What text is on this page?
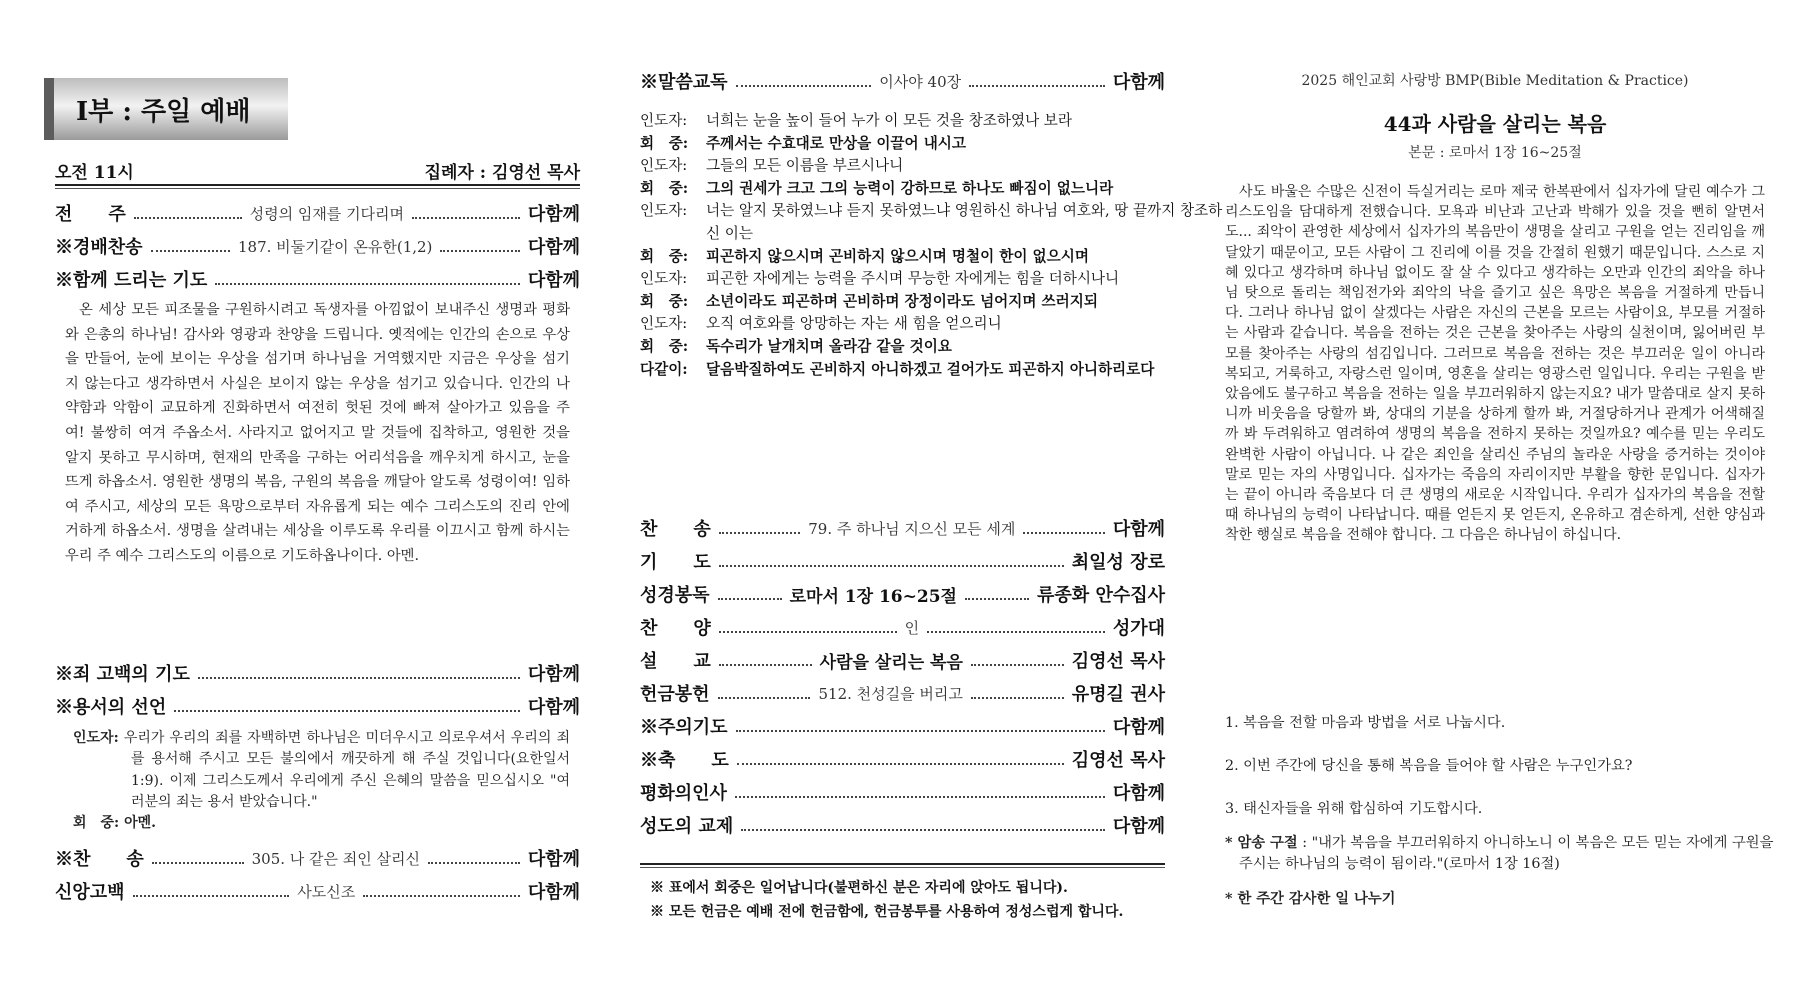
I부 : 주일 예배
오전 11시	집례자 : 김영선 목사
온 세상 모든 피조물을 구원하시려고 독생자를 아낌없이 보내주신 생명과 평화와 은총의 하나님! 감사와 영광과 찬양을 드립니다. 옛적에는 인간의 손으로 우상을 만들어, 눈에 보이는 우상을 섬기며 하나님을 거역했지만 지금은 우상을 섬기지 않는다고 생각하면서 사실은 보이지 않는 우상을 섬기고 있습니다. 인간의 나약함과 악함이 교묘하게 진화하면서 여전히 헛된 것에 빠져 살아가고 있음을 주여! 불쌍히 여겨 주옵소서. 사라지고 없어지고 말 것들에 집착하고, 영원한 것을 알지 못하고 무시하며, 현재의 만족을 구하는 어리석음을 깨우치게 하시고, 눈을 뜨게 하옵소서. 영원한 생명의 복음, 구원의 복음을 깨달아 알도록 성령이여! 임하여 주시고, 세상의 모든 욕망으로부터 자유롭게 되는 예수 그리스도의 진리 안에 거하게 하옵소서. 생명을 살려내는 세상을 이루도록 우리를 이끄시고 함께 하시는 우리 주 예수 그리스도의 이름으로 기도하옵나이다. 아멘.
인도자: 우리가 우리의 죄를 자백하면 하나님은 미더우시고 의로우셔서 우리의 죄를 용서해 주시고 모든 불의에서 깨끗하게 해 주실 것입니다(요한일서 1:9). 이제 그리스도께서 우리에게 주신 은혜의 말씀을 믿으십시오 "여러분의 죄는 용서 받았습니다."
회　중: 아멘.
전　　주	성령의 임재를 기다리며	다함께
※경배찬송	187. 비둘기같이 온유한(1,2)	다함께
※함께 드리는 기도	다함께
※죄 고백의 기도	다함께
※용서의 선언	다함께
※찬　　송	305. 나 같은 죄인 살리신	다함께
신앙고백	사도신조	다함께
※말씀교독	이사야 40장	다함께
인도자: 너희는 눈을 높이 들어 누가 이 모든 것을 창조하였나 보라
회　중: 주께서는 수효대로 만상을 이끌어 내시고
인도자: 그들의 모든 이름을 부르시나니
회　중: 그의 권세가 크고 그의 능력이 강하므로 하나도 빠짐이 없느니라
인도자: 너는 알지 못하였느냐 듣지 못하였느냐 영원하신 하나님 여호와, 땅 끝까지 창조하신 이는
회　중: 피곤하지 않으시며 곤비하지 않으시며 명철이 한이 없으시며
인도자: 피곤한 자에게는 능력을 주시며 무능한 자에게는 힘을 더하시나니
회　중: 소년이라도 피곤하며 곤비하며 장정이라도 넘어지며 쓰러지되
인도자: 오직 여호와를 앙망하는 자는 새 힘을 얻으리니
회　중: 독수리가 날개치며 올라감 같을 것이요
다같이: 달음박질하여도 곤비하지 아니하겠고 걸어가도 피곤하지 아니하리로다
※ 표에서 회중은 일어납니다(불편하신 분은 자리에 앉아도 됩니다).
※ 모든 헌금은 예배 전에 헌금함에, 헌금봉투를 사용하여 정성스럽게 합니다.
찬　　송	79. 주 하나님 지으신 모든 세계	다함께
기　　도	최일성 장로
성경봉독	로마서 1장 16~25절	류종화 안수집사
찬　　양	인	성가대
설　　교	사람을 살리는 복음	김영선 목사
헌금봉헌	512. 천성길을 버리고	유명길 권사
※주의기도	다함께
※축　　도	김영선 목사
평화의인사	다함께
성도의 교제	다함께
2025 해인교회 사랑방 BMP(Bible Meditation & Practice)
44과 사람을 살리는 복음
본문 : 로마서 1장 16~25절
사도 바울은 수많은 신전이 득실거리는 로마 제국 한복판에서 십자가에 달린 예수가 그리스도임을 담대하게 전했습니다. 모욕과 비난과 고난과 박해가 있을 것을 뻔히 알면서도... 죄악이 관영한 세상에서 십자가의 복음만이 생명을 살리고 구원을 얻는 진리임을 깨달았기 때문이고, 모든 사람이 그 진리에 이를 것을 간절히 원했기 때문입니다. 스스로 지혜 있다고 생각하며 하나님 없이도 잘 살 수 있다고 생각하는 오만과 인간의 죄악을 하나님 탓으로 돌리는 책임전가와 죄악의 낙을 즐기고 싶은 욕망은 복음을 거절하게 만듭니다. 그러나 하나님 없이 살겠다는 사람은 자신의 근본을 모르는 사람이요, 부모를 거절하는 사람과 같습니다. 복음을 전하는 것은 근본을 찾아주는 사랑의 실천이며, 잃어버린 부모를 찾아주는 사랑의 섬김입니다. 그러므로 복음을 전하는 것은 부끄러운 일이 아니라 복되고, 거룩하고, 자랑스런 일이며, 영혼을 살리는 영광스런 일입니다. 우리는 구원을 받았음에도 불구하고 복음을 전하는 일을 부끄러워하지 않는지요? 내가 말씀대로 살지 못하니까 비웃음을 당할까 봐, 상대의 기분을 상하게 할까 봐, 거절당하거나 관계가 어색해질까 봐 두려워하고 염려하여 생명의 복음을 전하지 못하는 것일까요? 예수를 믿는 우리도 완벽한 사람이 아닙니다. 나 같은 죄인을 살리신 주님의 놀라운 사랑을 증거하는 것이야말로 믿는 자의 사명입니다. 십자가는 죽음의 자리이지만 부활을 향한 문입니다. 십자가는 끝이 아니라 죽음보다 더 큰 생명의 새로운 시작입니다. 우리가 십자가의 복음을 전할 때 하나님의 능력이 나타납니다. 때를 얻든지 못 얻든지, 온유하고 겸손하게, 선한 양심과 착한 행실로 복음을 전해야 합니다. 그 다음은 하나님이 하십니다.
1. 복음을 전할 마음과 방법을 서로 나눕시다.
2. 이번 주간에 당신을 통해 복음을 들어야 할 사람은 누구인가요?
3. 태신자들을 위해 합심하여 기도합시다.
* 암송 구절 : "내가 복음을 부끄러워하지 아니하노니 이 복음은 모든 믿는 자에게 구원을 주시는 하나님의 능력이 됨이라."(로마서 1장 16절)
* 한 주간 감사한 일 나누기
